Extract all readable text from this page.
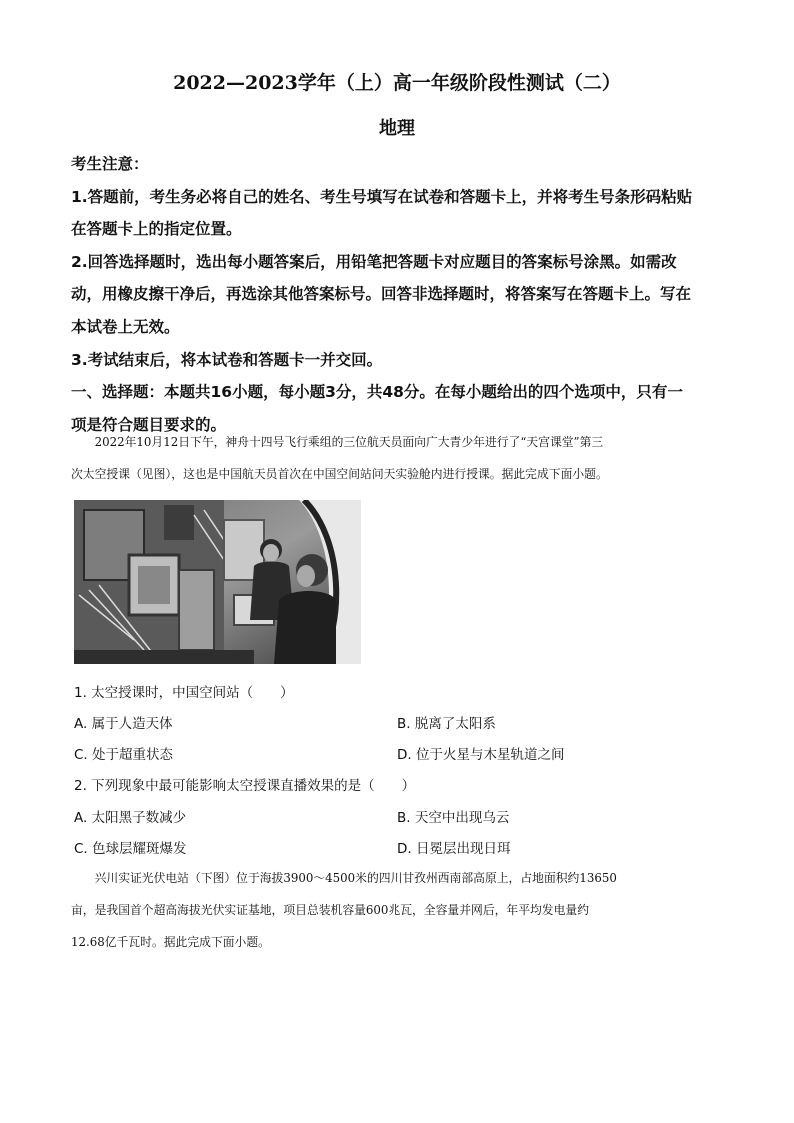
2022—2023学年（上）高一年级阶段性测试（二）
地理
考生注意：
1.答题前，考生务必将自己的姓名、考生号填写在试卷和答题卡上，并将考生号条形码粘贴
在答题卡上的指定位置。
2.回答选择题时，选出每小题答案后，用铅笔把答题卡对应题目的答案标号涂黑。如需改
动，用橡皮擦干净后，再选涂其他答案标号。回答非选择题时，将答案写在答题卡上。写在
本试卷上无效。
3.考试结束后，将本试卷和答题卡一并交回。
一、选择题：本题共16小题，每小题3分，共48分。在每小题给出的四个选项中，只有一
项是符合题目要求的。
　　2022年10月12日下午，神舟十四号飞行乘组的三位航天员面向广大青少年进行了“天宫课堂”第三
次太空授课（见图），这也是中国航天员首次在中国空间站问天实验舱内进行授课。据此完成下面小题。
1. 太空授课时，中国空间站（　　）
A. 属于人造天体	B. 脱离了太阳系
C. 处于超重状态	D. 位于火星与木星轨道之间
2. 下列现象中最可能影响太空授课直播效果的是（　　）
A. 太阳黑子数减少	B. 天空中出现乌云
C. 色球层耀斑爆发	D. 日冕层出现日珥
　　兴川实证光伏电站（下图）位于海拔3900～4500米的四川甘孜州西南部高原上，占地面积约13650
亩，是我国首个超高海拔光伏实证基地，项目总装机容量600兆瓦，全容量并网后，年平均发电量约
12.68亿千瓦时。据此完成下面小题。
